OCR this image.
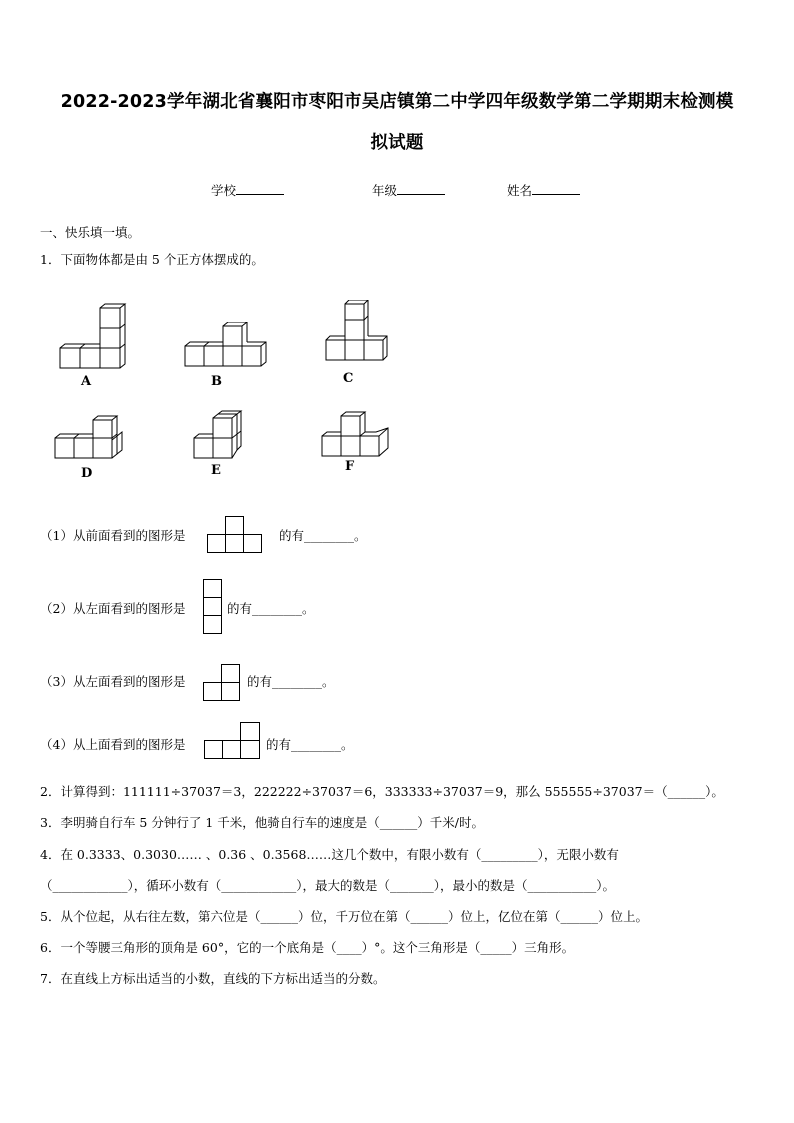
2022-2023学年湖北省襄阳市枣阳市吴店镇第二中学四年级数学第二学期期末检测模
拟试题
学校	年级	姓名
一、快乐填一填。
1．下面物体都是由 5 个正方体摆成的。
A	B	C
D	E	F
（1）从前面看到的图形是	的有________。
（2）从左面看到的图形是	的有________。
（3）从左面看到的图形是	的有________。
（4）从上面看到的图形是	的有________。
2．计算得到：111111÷37037＝3，222222÷37037＝6，333333÷37037＝9，那么 555555÷37037＝（______）。
3．李明骑自行车 5 分钟行了 1 千米，他骑自行车的速度是（______）千米/时。
4．在 0.3333、0.3030…… 、0.36 、0.3568……这几个数中，有限小数有（_________），无限小数有
（____________），循环小数有（____________），最大的数是（_______），最小的数是（___________）。
5．从个位起，从右往左数，第六位是（______）位，千万位在第（______）位上，亿位在第（______）位上。
6．一个等腰三角形的顶角是 60°，它的一个底角是（____）°。这个三角形是（_____）三角形。
7．在直线上方标出适当的小数，直线的下方标出适当的分数。
